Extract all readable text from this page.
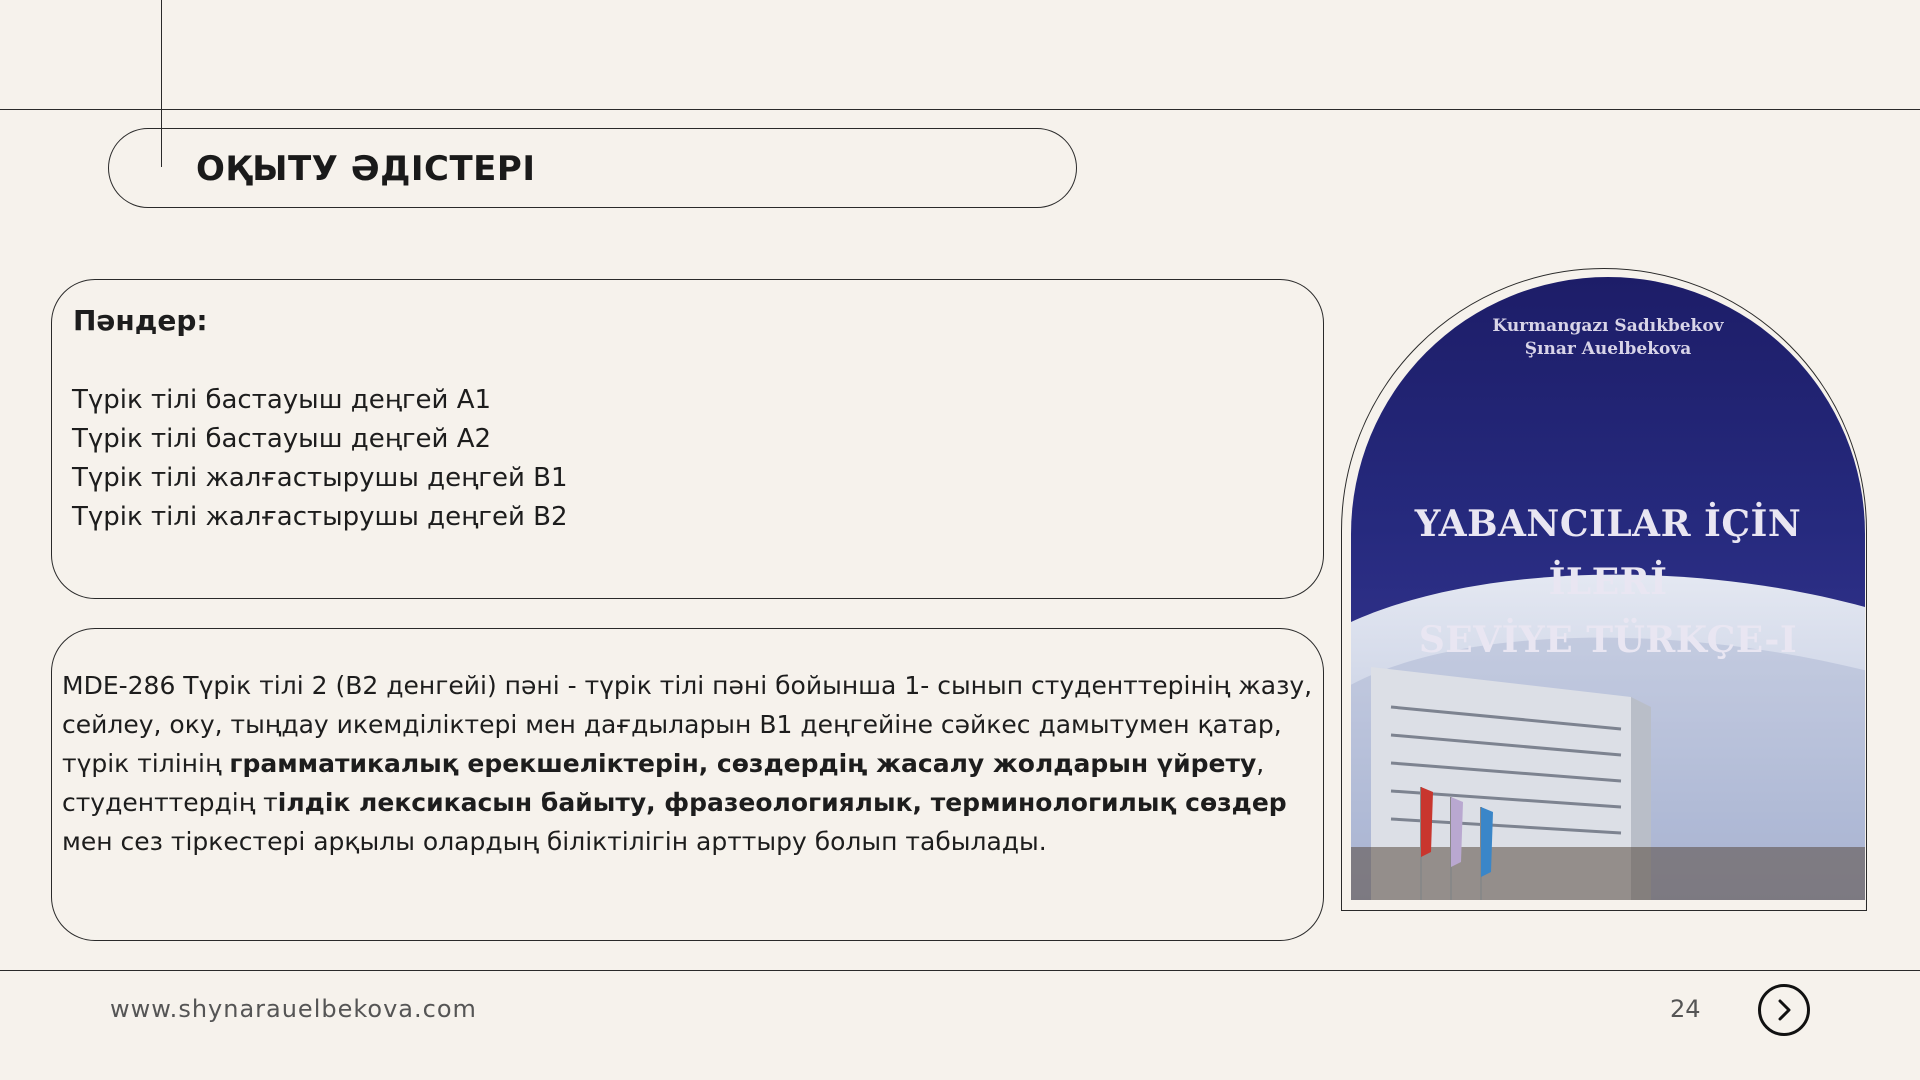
ОҚЫТУ ӘДІСТЕРІ
Пәндер:
Түрік тілі бастауыш деңгей А1
Түрік тілі бастауыш деңгей А2
Түрік тілі жалғастырушы деңгей В1
Түрік тілі жалғастырушы деңгей В2

MDE-286 Түрік тілі 2 (В2 денгейі) пәні - түрік тілі пәні бойынша 1- сынып студенттерінің жазу, сейлеу, оку, тыңдау икемділіктері мен дағдыларын В1 деңгейіне сәйкес дамытумен қатар, түрік тілінің грамматикалық ерекшеліктерін, сөздердің жасалу жолдарын үйрету, студенттердің тілдік лексикасын байыту, фразеологиялык, терминологилық сөздер мен сез тіркестері арқылы олардың біліктілігін арттыру болып табылады.

Kurmangazı Sadıkbekov
Şınar Auelbekova
YABANCILAR İÇİN İLERİ
SEVİYE TÜRKÇE-I
www.shynarauelbekova.com	24
